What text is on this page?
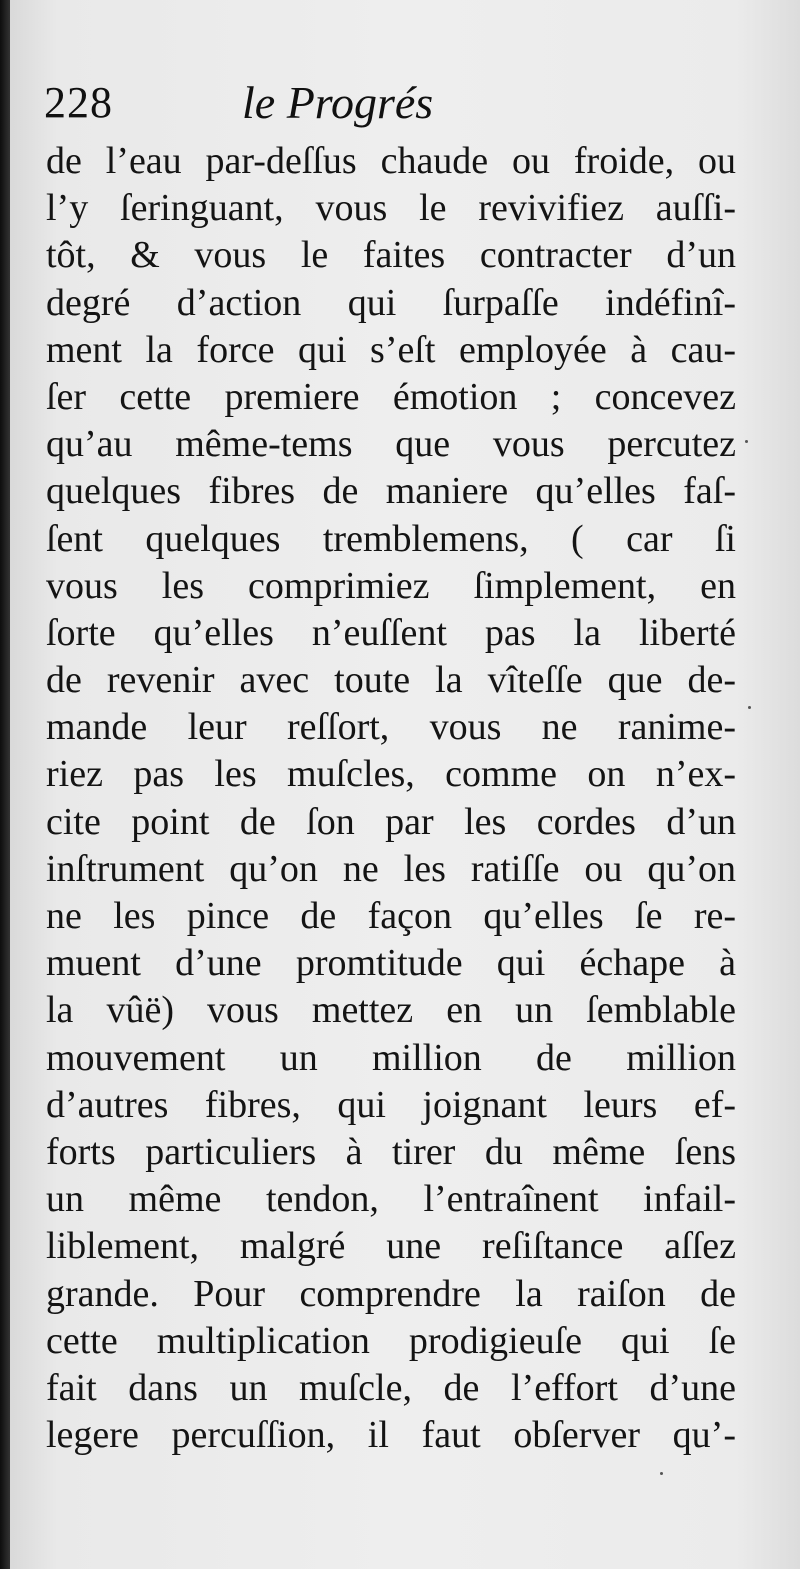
228	le Progrés
de l’eau par-deſſus chaude ou froide, ou
l’y ſeringuant, vous le revivifiez auſſi-
tôt, & vous le faites contracter d’un
degré d’action qui ſurpaſſe indéfinî-
ment la force qui s’eſt employée à cau-
ſer cette premiere émotion ; concevez
qu’au même-tems que vous percutez
quelques fibres de maniere qu’elles faſ-
ſent quelques tremblemens, ( car ſi
vous les comprimiez ſimplement, en
ſorte qu’elles n’euſſent pas la liberté
de revenir avec toute la vîteſſe que de-
mande leur reſſort, vous ne ranime-
riez pas les muſcles, comme on n’ex-
cite point de ſon par les cordes d’un
inſtrument qu’on ne les ratiſſe ou qu’on
ne les pince de façon qu’elles ſe re-
muent d’une promtitude qui échape à
la vûë) vous mettez en un ſemblable
mouvement un million de million
d’autres fibres, qui joignant leurs ef-
forts particuliers à tirer du même ſens
un même tendon, l’entraînent infail-
liblement, malgré une reſiſtance aſſez
grande. Pour comprendre la raiſon de
cette multiplication prodigieuſe qui ſe
fait dans un muſcle, de l’effort d’une
legere percuſſion, il faut obſerver qu’-
